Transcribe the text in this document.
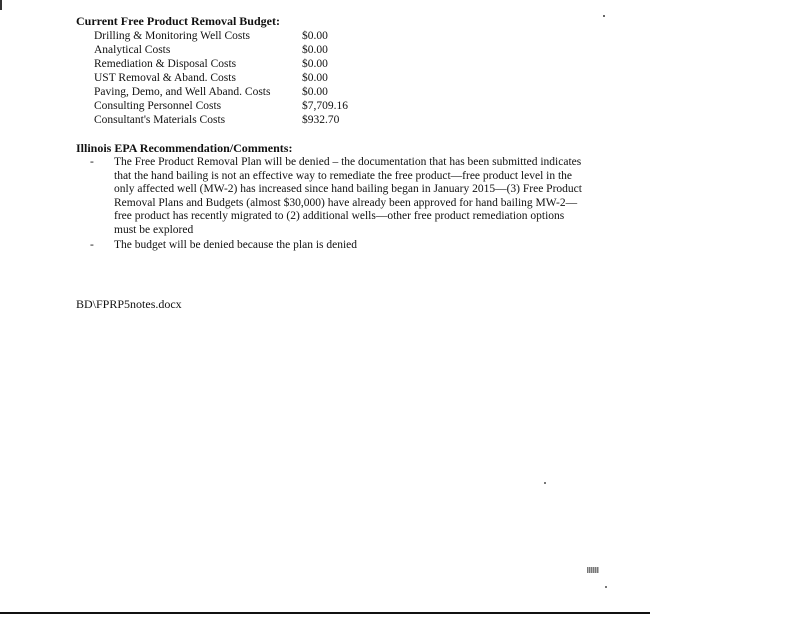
Current Free Product Removal Budget:
Drilling & Monitoring Well Costs	$0.00
Analytical Costs	$0.00
Remediation & Disposal Costs	$0.00
UST Removal & Aband. Costs	$0.00
Paving, Demo, and Well Aband. Costs	$0.00
Consulting Personnel Costs	$7,709.16
Consultant's Materials Costs	$932.70
Illinois EPA Recommendation/Comments:
- The Free Product Removal Plan will be denied – the documentation that has been submitted indicates that the hand bailing is not an effective way to remediate the free product—free product level in the only affected well (MW-2) has increased since hand bailing began in January 2015—(3) Free Product Removal Plans and Budgets (almost $30,000) have already been approved for hand bailing MW-2—free product has recently migrated to (2) additional wells—other free product remediation options must be explored
- The budget will be denied because the plan is denied
BD\FPRP5notes.docx
